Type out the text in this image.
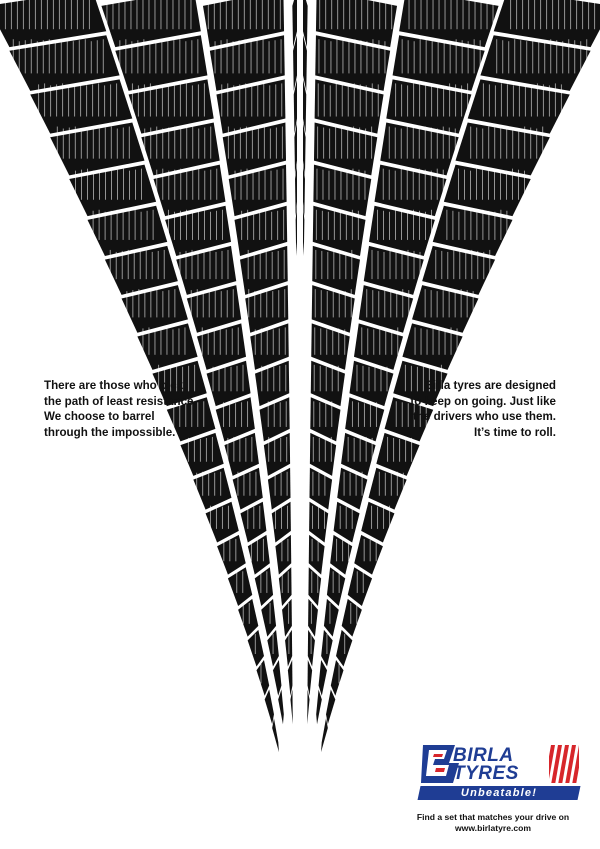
There are those who pick
the path of least resistance.
We choose to barrel
through the impossible.
Birla tyres are designed
to keep on going. Just like
the drivers who use them.
It’s time to roll.
BIRLA
TYRES
Unbeatable!
Find a set that matches your drive on
www.birlatyre.com
